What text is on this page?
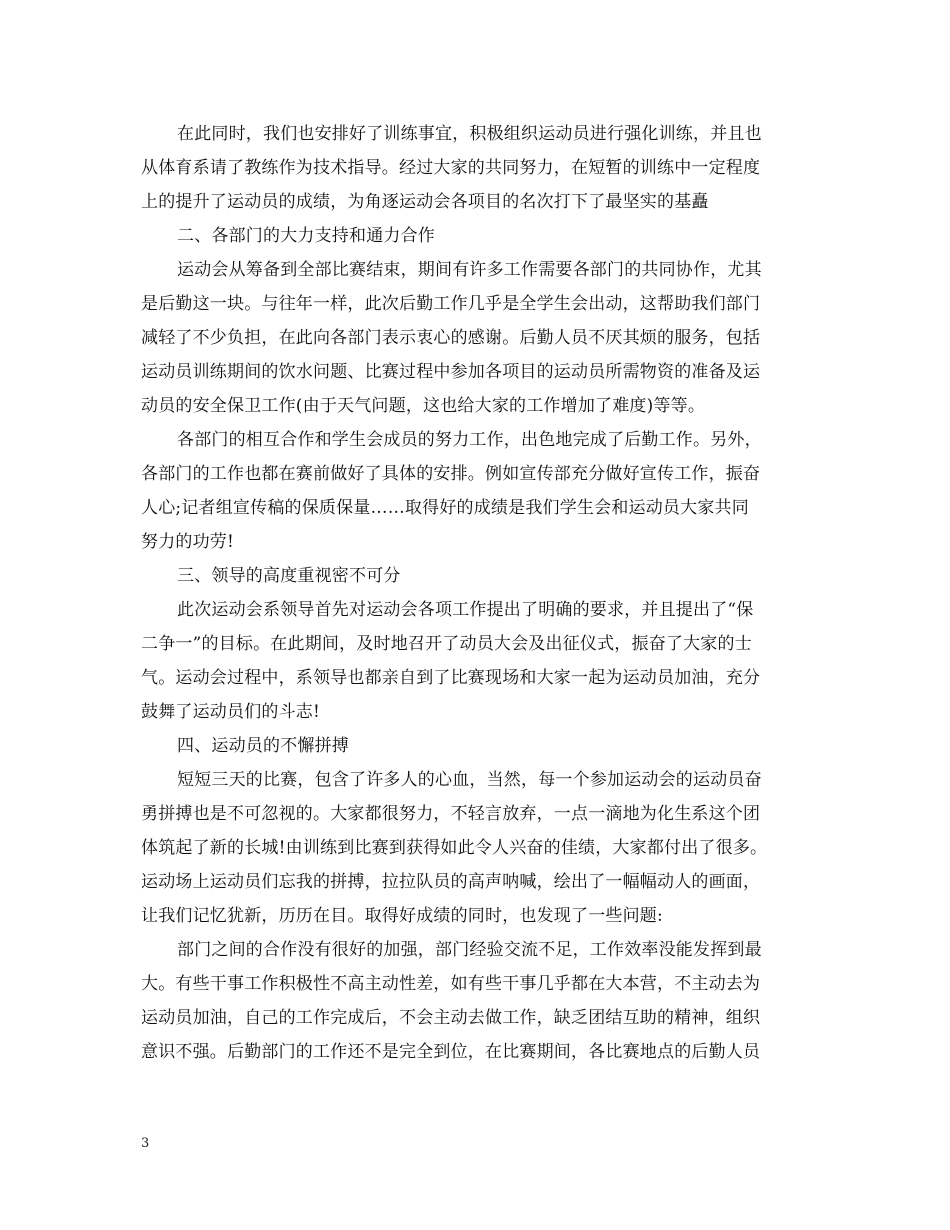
在此同时，我们也安排好了训练事宜，积极组织运动员进行强化训练，并且也
从体育系请了教练作为技术指导。经过大家的共同努力，在短暂的训练中一定程度
上的提升了运动员的成绩，为角逐运动会各项目的名次打下了最坚实的基矗
二、各部门的大力支持和通力合作
运动会从筹备到全部比赛结束，期间有许多工作需要各部门的共同协作，尤其
是后勤这一块。与往年一样，此次后勤工作几乎是全学生会出动，这帮助我们部门
减轻了不少负担，在此向各部门表示衷心的感谢。后勤人员不厌其烦的服务，包括
运动员训练期间的饮水问题、比赛过程中参加各项目的运动员所需物资的准备及运
动员的安全保卫工作(由于天气问题，这也给大家的工作增加了难度)等等。
各部门的相互合作和学生会成员的努力工作，出色地完成了后勤工作。另外，
各部门的工作也都在赛前做好了具体的安排。例如宣传部充分做好宣传工作，振奋
人心;记者组宣传稿的保质保量……取得好的成绩是我们学生会和运动员大家共同
努力的功劳!
三、领导的高度重视密不可分
此次运动会系领导首先对运动会各项工作提出了明确的要求，并且提出了“保
二争一”的目标。在此期间，及时地召开了动员大会及出征仪式，振奋了大家的士
气。运动会过程中，系领导也都亲自到了比赛现场和大家一起为运动员加油，充分
鼓舞了运动员们的斗志!
四、运动员的不懈拼搏
短短三天的比赛，包含了许多人的心血，当然，每一个参加运动会的运动员奋
勇拼搏也是不可忽视的。大家都很努力，不轻言放弃，一点一滴地为化生系这个团
体筑起了新的长城!由训练到比赛到获得如此令人兴奋的佳绩，大家都付出了很多。
运动场上运动员们忘我的拼搏，拉拉队员的高声呐喊，绘出了一幅幅动人的画面，
让我们记忆犹新，历历在目。取得好成绩的同时，也发现了一些问题:
部门之间的合作没有很好的加强，部门经验交流不足，工作效率没能发挥到最
大。有些干事工作积极性不高主动性差，如有些干事几乎都在大本营，不主动去为
运动员加油，自己的工作完成后，不会主动去做工作，缺乏团结互助的精神，组织
意识不强。后勤部门的工作还不是完全到位，在比赛期间，各比赛地点的后勤人员
3
